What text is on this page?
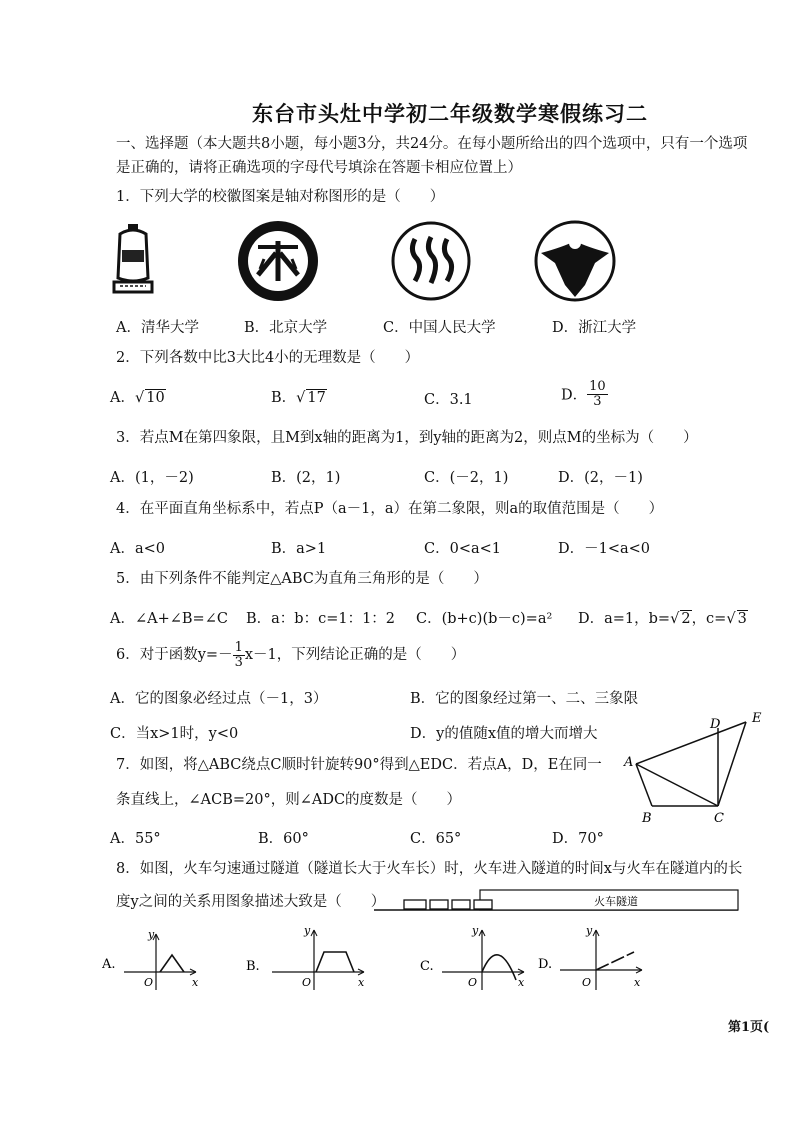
东台市头灶中学初二年级数学寒假练习二
一、选择题（本大题共8小题，每小题3分，共24分。在每小题所给出的四个选项中，只有一个选项
是正确的，请将正确选项的字母代号填涂在答题卡相应位置上）
1．下列大学的校徽图案是轴对称图形的是（　　）
A．清华大学	B．北京大学	C．中国人民大学	D．浙江大学
2．下列各数中比3大比4小的无理数是（　　）
A．√ 10	B．√ 17	C．3.1	D． $\frac{10}{3}$
3．若点M在第四象限，且M到x轴的距离为1，到y轴的距离为2，则点M的坐标为（　　）
A．(1，－2)	B．(2，1)	C．(－2，1)	D．(2，－1)
4．在平面直角坐标系中，若点P（a－1，a）在第二象限，则a的取值范围是（　　）
A．a<0	B．a>1	C．0<a<1	D．－1<a<0
5．由下列条件不能判定△ABC为直角三角形的是（　　）
A．∠A+∠B=∠C B．a：b：c=1：1：2 C．(b+c)(b－c)=a² D．a=1，b=√ 2，c=√ 3
6．对于函数$y=- \frac{1}{3} x-1$，下列结论正确的是（　　）
A．它的图象必经过点（－1，3）	B．它的图象经过第一、二、三象限
C．当x>1时，y<0	D．y的值随x值的增大而增大
7．如图，将△ABC绕点C顺时针旋转90°得到△EDC．若点A，D，E在同一
条直线上，∠ACB=20°，则∠ADC的度数是（　　）
A．55°	B．60°	C．65°	D．70°
A
B	C
D E
8．如图，火车匀速通过隧道（隧道长大于火车长）时，火车进入隧道的时间x与火车在隧道内的长
度y之间的关系用图象描述大致是（　　）	火车隧道
A.
y
x
O
B.
y
x
O
C.
y
x
O
D.
y
x
O
第1页(
